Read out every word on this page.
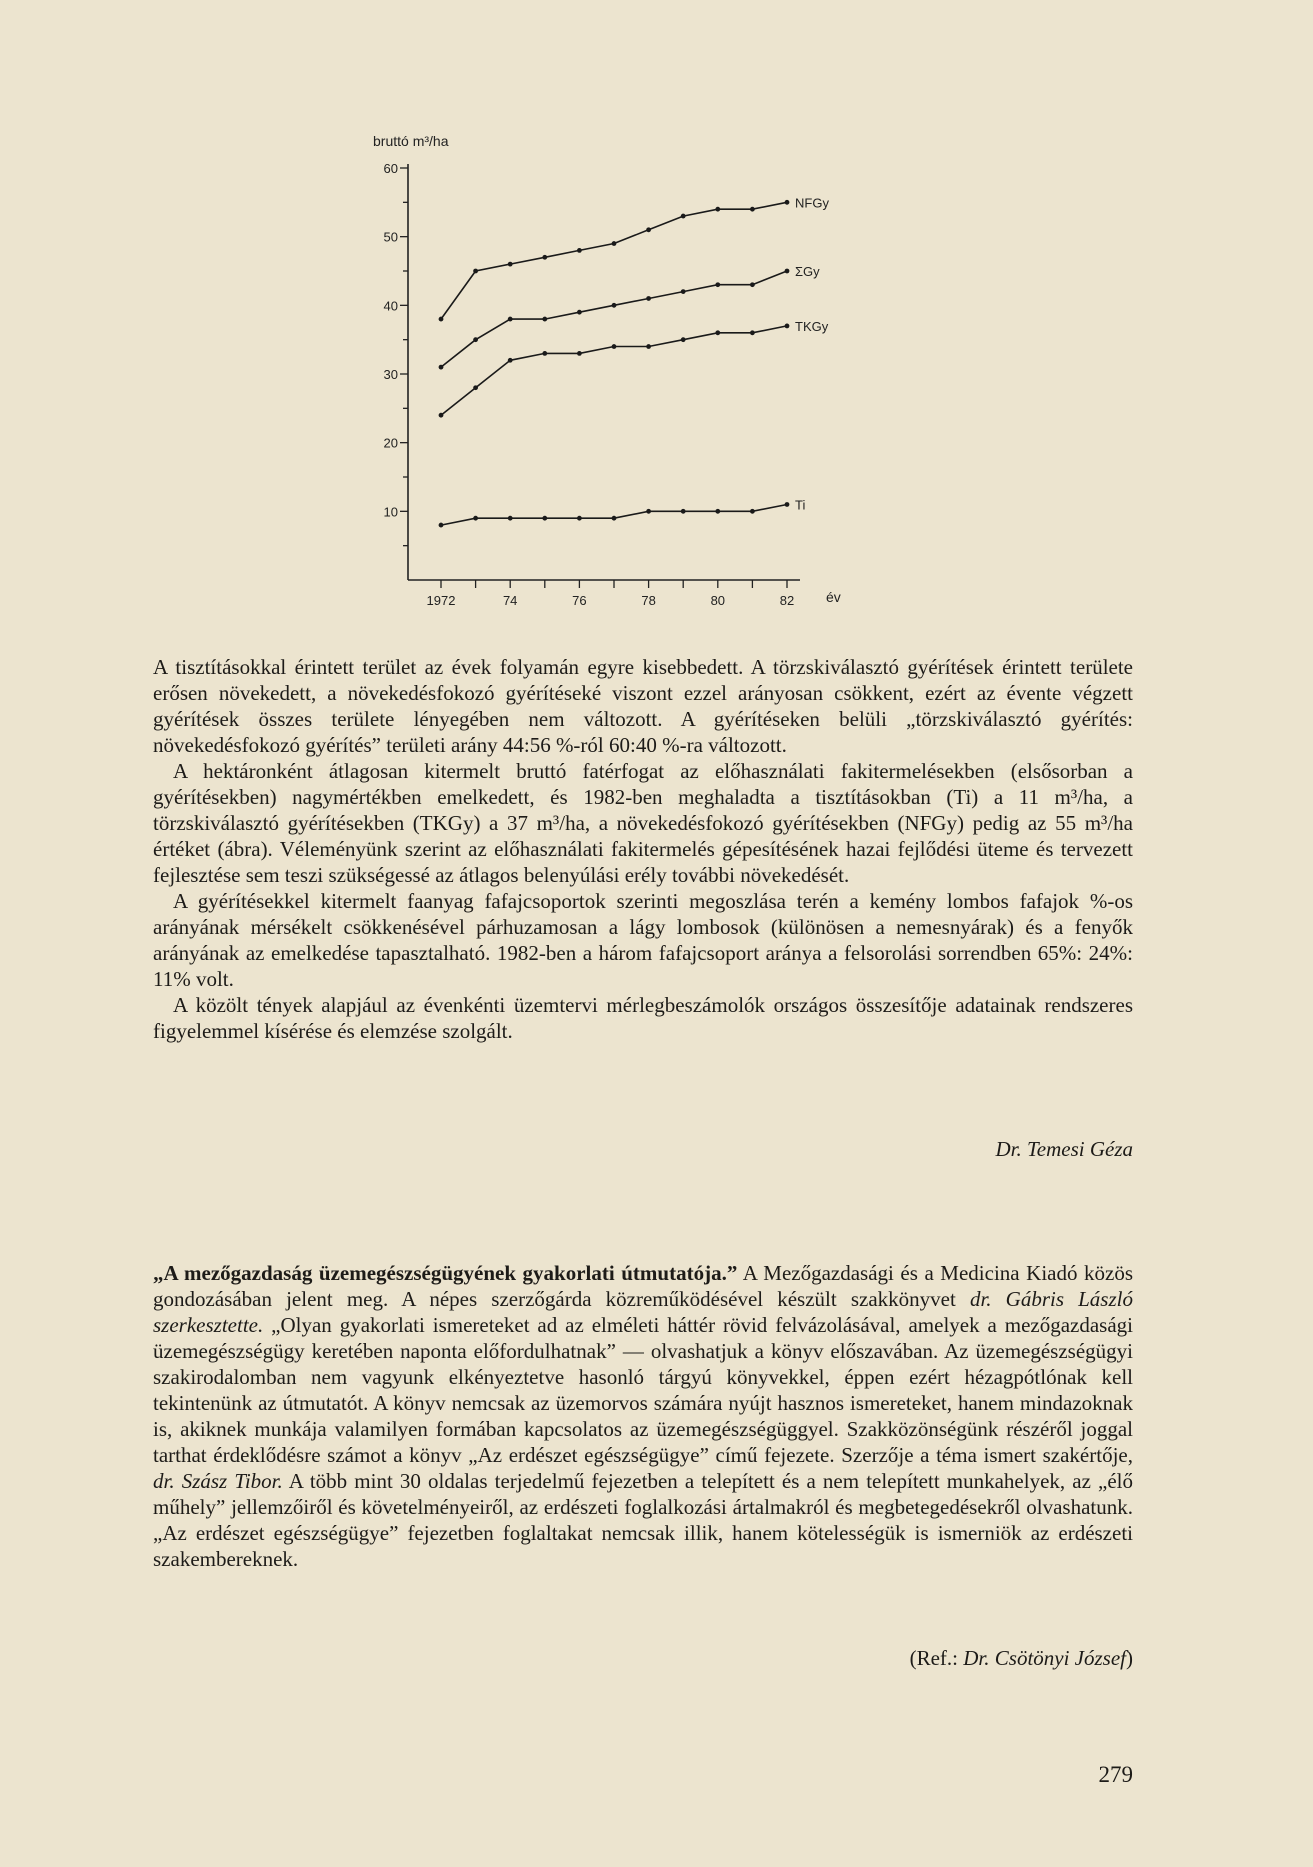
bruttó m³/ha
év
60
50
40
30
20
10
1972	74	76	78	80	82
NFGy
ΣGy
TKGy
Ti

A tisztításokkal érintett terület az évek folyamán egyre kisebbedett. A törzskiválasztó gyérítések érintett területe erősen növekedett, a növekedésfokozó gyérítéseké viszont ezzel arányosan csökkent, ezért az évente végzett gyérítések összes területe lényegében nem változott. A gyérítéseken belüli „törzskiválasztó gyérítés: növekedésfokozó gyérítés” területi arány 44:56 %-ról 60:40 %-ra változott.

A hektáronként átlagosan kitermelt bruttó fatérfogat az előhasználati fakitermelésekben (elsősorban a gyérítésekben) nagymértékben emelkedett, és 1982-ben meghaladta a tisztításokban (Ti) a 11 m³/ha, a törzskiválasztó gyérítésekben (TKGy) a 37 m³/ha, a növekedésfokozó gyérítésekben (NFGy) pedig az 55 m³/ha értéket (ábra). Véleményünk szerint az előhasználati fakitermelés gépesítésének hazai fejlődési üteme és tervezett fejlesztése sem teszi szükségessé az átlagos belenyúlási erély további növekedését.

A gyérítésekkel kitermelt faanyag fafajcsoportok szerinti megoszlása terén a kemény lombos fafajok %-os arányának mérsékelt csökkenésével párhuzamosan a lágy lombosok (különösen a nemesnyárak) és a fenyők arányának az emelkedése tapasztalható. 1982-ben a három fafajcsoport aránya a felsorolási sorrendben 65%: 24%: 11% volt.

A közölt tények alapjául az évenkénti üzemtervi mérlegbeszámolók országos összesítője adatainak rendszeres figyelemmel kísérése és elemzése szolgált.

Dr. Temesi Géza

„A mezőgazdaság üzemegészségügyének gyakorlati útmutatója.” A Mezőgazdasági és a Medicina Kiadó közös gondozásában jelent meg. A népes szerzőgárda közreműködésével készült szakkönyvet dr. Gábris László szerkesztette. „Olyan gyakorlati ismereteket ad az elméleti háttér rövid felvázolásával, amelyek a mezőgazdasági üzemegészségügy keretében naponta előfordulhatnak” — olvashatjuk a könyv előszavában. Az üzemegészségügyi szakirodalomban nem vagyunk elkényeztetve hasonló tárgyú könyvekkel, éppen ezért hézagpótlónak kell tekintenünk az útmutatót. A könyv nemcsak az üzemorvos számára nyújt hasznos ismereteket, hanem mindazoknak is, akiknek munkája valamilyen formában kapcsolatos az üzemegészségüggyel. Szakközönségünk részéről joggal tarthat érdeklődésre számot a könyv „Az erdészet egészségügye” című fejezete. Szerzője a téma ismert szakértője, dr. Szász Tibor. A több mint 30 oldalas terjedelmű fejezetben a telepített és a nem telepített munkahelyek, az „élő műhely” jellemzőiről és követelményeiről, az erdészeti foglalkozási ártalmakról és megbetegedésekről olvashatunk. „Az erdészet egészségügye” fejezetben foglaltakat nemcsak illik, hanem kötelességük is ismerniök az erdészeti szakembereknek.

(Ref.: Dr. Csötönyi József)
279
